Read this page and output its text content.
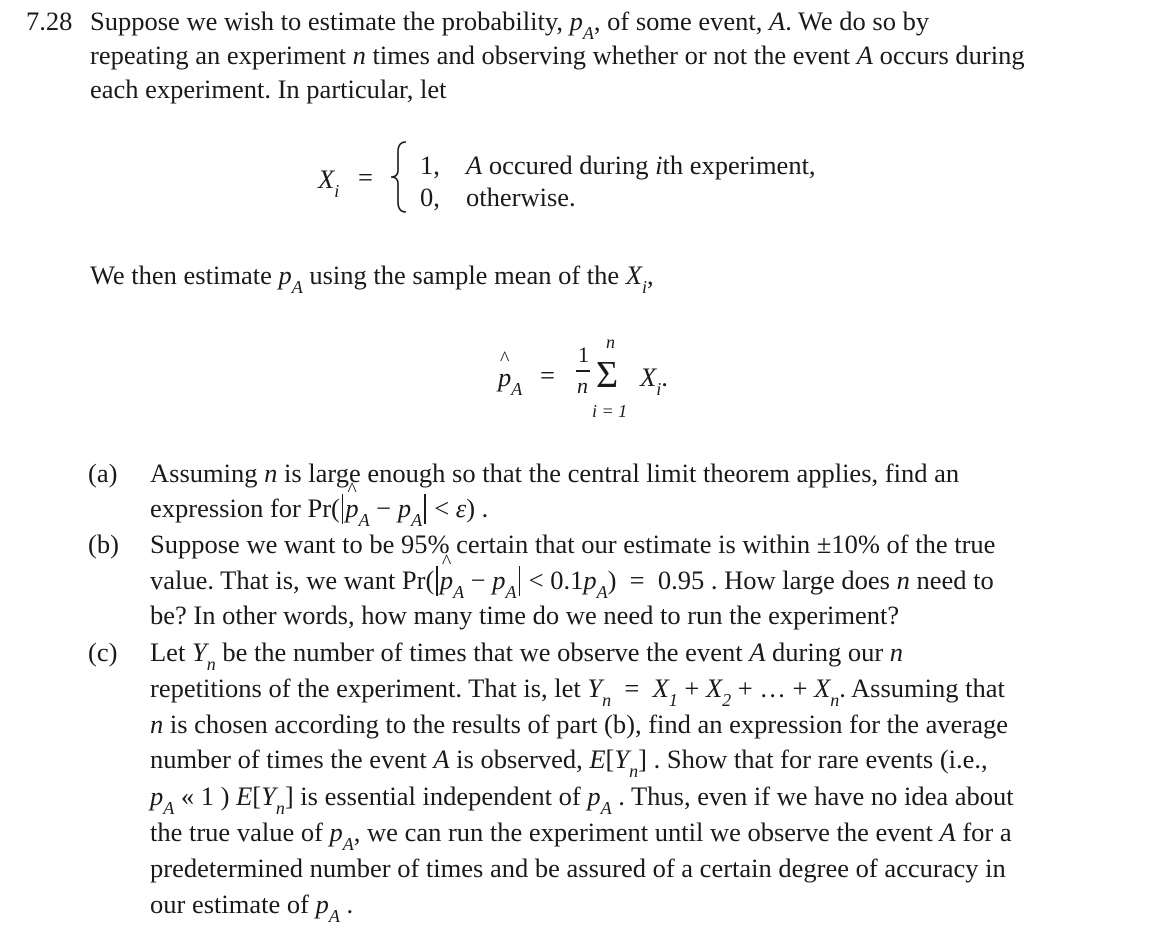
7.28 Suppose we wish to estimate the probability, $p_A$, of some event, A. We do so by
repeating an experiment n times and observing whether or not the event A occurs during
each experiment. In particular, let
$X_i = 1$, A occured during ith experiment,
0, otherwise.
We then estimate $p_A$ using the sample mean of the $X_i$,
^ $p_A$ =
1
n
n
Σ
i = 1
$X_i$.
(a) Assuming n is large enough so that the central limit theorem applies, find an
expression for Pr( ^ $p_A - p_A < \varepsilon$) .
(b) Suppose we want to be 95% certain that our estimate is within ±10% of the true
value. That is, we want Pr( ^ $p_A - p_A < 0.1p_A) = 0.95$ . How large does n need to
be? In other words, how many time do we need to run the experiment?
(c) Let $Y_n$ be the number of times that we observe the event A during our n
repetitions of the experiment. That is, let $Y_n = X_1 + X_2$ + … + $X_n$. Assuming that
n is chosen according to the results of part (b), find an expression for the average
number of times the event A is observed, $E[Y_n]$ . Show that for rare events (i.e.,
$p_A$ « 1 ) $E[Y_n]$ is essential independent of $p_A$ . Thus, even if we have no idea about
the true value of $p_A$, we can run the experiment until we observe the event A for a
predetermined number of times and be assured of a certain degree of accuracy in
our estimate of $p_A$ .
